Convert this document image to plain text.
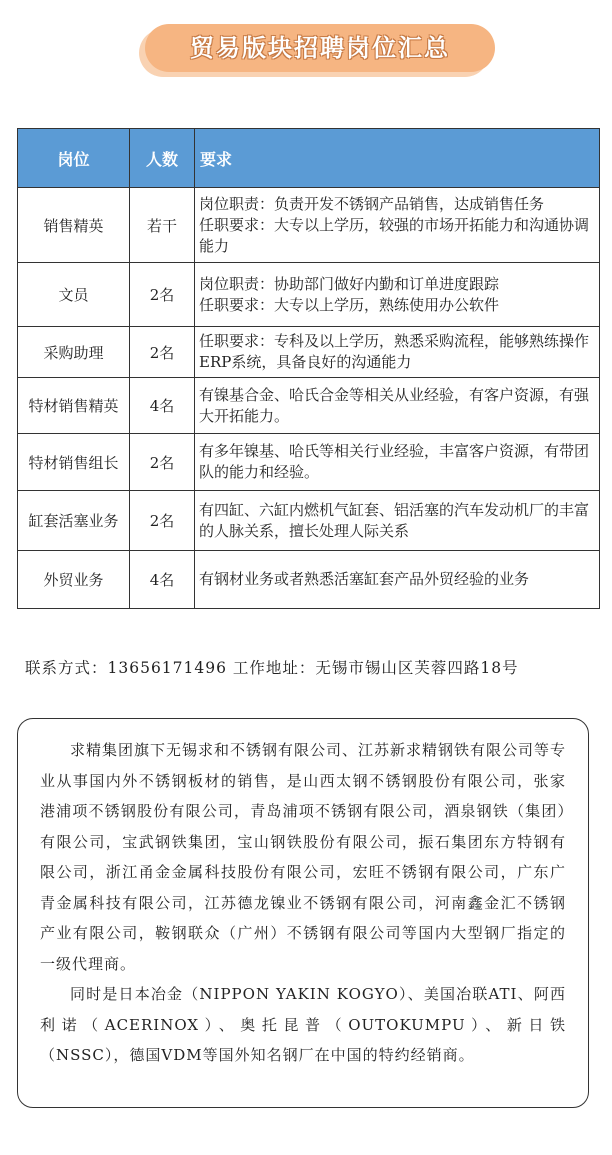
贸易版块招聘岗位汇总
岗位	人数	要求
销售精英	若干	岗位职责：负责开发不锈钢产品销售，达成销售任务
任职要求：大专以上学历，较强的市场开拓能力和沟通协调能力

文员	2名	岗位职责：协助部门做好内勤和订单进度跟踪
任职要求：大专以上学历，熟练使用办公软件

采购助理	2名	任职要求：专科及以上学历，熟悉采购流程，能够熟练操作ERP系统，具备良好的沟通能力

特材销售精英	4名	有镍基合金、哈氏合金等相关从业经验，有客户资源，有强大开拓能力。

特材销售组长	2名	有多年镍基、哈氏等相关行业经验，丰富客户资源，有带团队的能力和经验。

缸套活塞业务	2名	有四缸、六缸内燃机气缸套、铝活塞的汽车发动机厂的丰富的人脉关系，擅长处理人际关系

外贸业务	4名	有钢材业务或者熟悉活塞缸套产品外贸经验的业务
联系方式：13656171496 工作地址：无锡市锡山区芙蓉四路18号

求精集团旗下无锡求和不锈钢有限公司、江苏新求精钢铁有限公司等专业从事国内外不锈钢板材的销售，是山西太钢不锈钢股份有限公司，张家港浦项不锈钢股份有限公司，青岛浦项不锈钢有限公司，酒泉钢铁（集团）有限公司，宝武钢铁集团，宝山钢铁股份有限公司，振石集团东方特钢有限公司，浙江甬金金属科技股份有限公司，宏旺不锈钢有限公司，广东广青金属科技有限公司，江苏德龙镍业不锈钢有限公司，河南鑫金汇不锈钢产业有限公司，鞍钢联众（广州）不锈钢有限公司等国内大型钢厂指定的一级代理商。

同时是日本冶金（NIPPON YAKIN KOGYO）、美国冶联ATI、阿西利诺（ACERINOX）、奥托昆普（OUTOKUMPU）、新日铁（NSSC），德国VDM等国外知名钢厂在中国的特约经销商。
